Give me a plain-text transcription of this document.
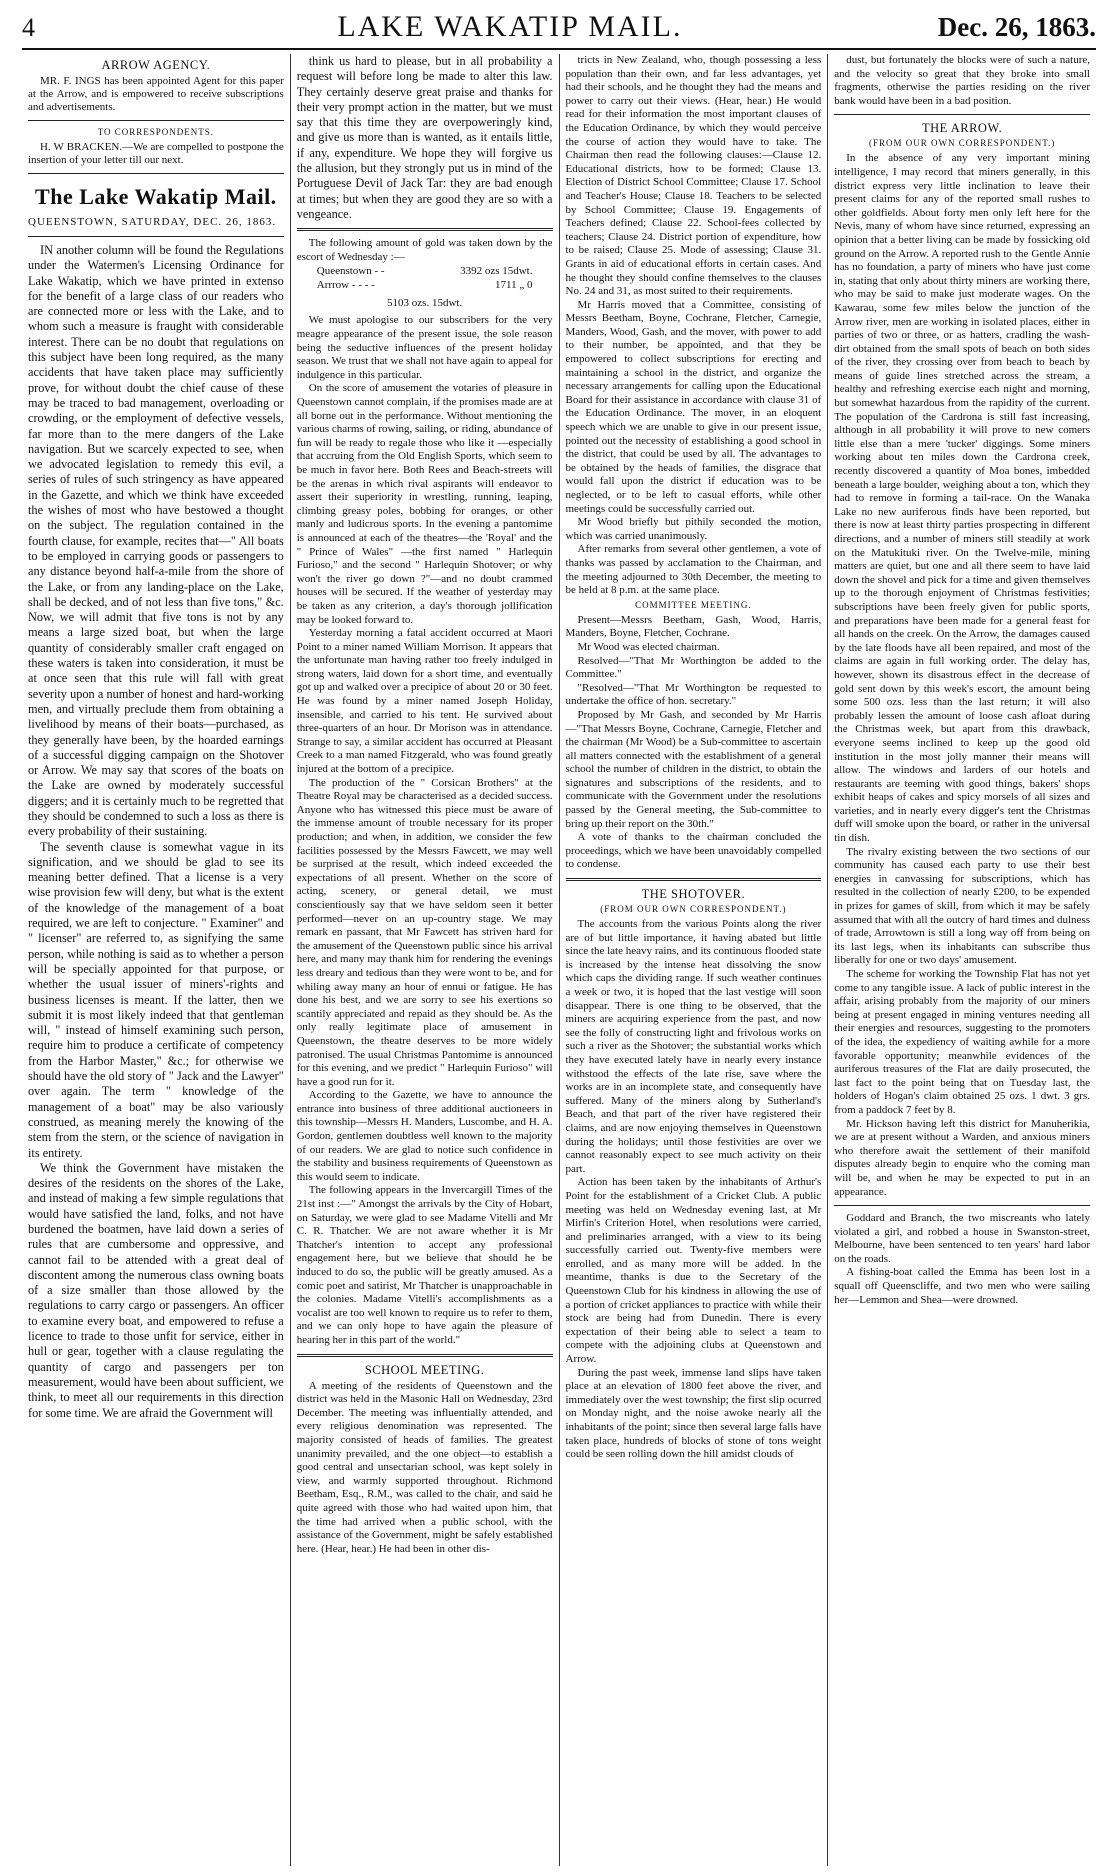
4	LAKE WAKATIP MAIL.	Dec. 26, 1863.
ARROW AGENCY.

MR. F. INGS has been appointed Agent for this paper at the Arrow, and is empowered to receive subscriptions and advertisements.

TO CORRESPONDENTS.

H. W BRACKEN.—We are compelled to postpone the insertion of your letter till our next.

The Lake Wakatip Mail.
QUEENSTOWN, SATURDAY, DEC. 26, 1863.

IN another column will be found the Regulations under the Watermen's Licensing Ordinance for Lake Wakatip, which we have printed in extenso for the benefit of a large class of our readers who are connected more or less with the Lake, and to whom such a measure is fraught with considerable interest. There can be no doubt that regulations on this subject have been long required, as the many accidents that have taken place may sufficiently prove, for without doubt the chief cause of these may be traced to bad management, overloading or crowding, or the employment of defective vessels, far more than to the mere dangers of the Lake navigation. But we scarcely expected to see, when we advocated legislation to remedy this evil, a series of rules of such stringency as have appeared in the Gazette, and which we think have exceeded the wishes of most who have bestowed a thought on the subject. The regulation contained in the fourth clause, for example, recites that—" All boats to be employed in carrying goods or passengers to any distance beyond half-a-mile from the shore of the Lake, or from any landing-place on the Lake, shall be decked, and of not less than five tons," &c. Now, we will admit that five tons is not by any means a large sized boat, but when the large quantity of considerably smaller craft engaged on these waters is taken into consideration, it must be at once seen that this rule will fall with great severity upon a number of honest and hard-working men, and virtually preclude them from obtaining a livelihood by means of their boats—purchased, as they generally have been, by the hoarded earnings of a successful digging campaign on the Shotover or Arrow. We may say that scores of the boats on the Lake are owned by moderately successful diggers; and it is certainly much to be regretted that they should be condemned to such a loss as there is every probability of their sustaining.

The seventh clause is somewhat vague in its signification, and we should be glad to see its meaning better defined. That a license is a very wise provision few will deny, but what is the extent of the knowledge of the management of a boat required, we are left to conjecture. " Examiner" and " licenser" are referred to, as signifying the same person, while nothing is said as to whether a person will be specially appointed for that purpose, or whether the usual issuer of miners'-rights and business licenses is meant. If the latter, then we submit it is most likely indeed that that gentleman will, " instead of himself examining such person, require him to produce a certificate of competency from the Harbor Master," &c.; for otherwise we should have the old story of " Jack and the Lawyer" over again. The term " knowledge of the management of a boat" may be also variously construed, as meaning merely the knowing of the stem from the stern, or the science of navigation in its entirety.

We think the Government have mistaken the desires of the residents on the shores of the Lake, and instead of making a few simple regulations that would have satisfied the land, folks, and not have burdened the boatmen, have laid down a series of rules that are cumbersome and oppressive, and cannot fail to be attended with a great deal of discontent among the numerous class owning boats of a size smaller than those allowed by the regulations to carry cargo or passengers. An officer to examine every boat, and empowered to refuse a licence to trade to those unfit for service, either in hull or gear, together with a clause regulating the quantity of cargo and passengers per ton measurement, would have been about sufficient, we think, to meet all our requirements in this direction for some time. We are afraid the Government will

think us hard to please, but in all probability a request will before long be made to alter this law. They certainly deserve great praise and thanks for their very prompt action in the matter, but we must say that this time they are overpoweringly kind, and give us more than is wanted, as it entails little, if any, expenditure. We hope they will forgive us the allusion, but they strongly put us in mind of the Portuguese Devil of Jack Tar: they are bad enough at times; but when they are good they are so with a vengeance.

The following amount of gold was taken down by the escort of Wednesday :—

Queenstown - -	3392 ozs 15dwt.
Arrrow - - - -	1711 „ 0
5103 ozs. 15dwt.

We must apologise to our subscribers for the very meagre appearance of the present issue, the sole reason being the seductive influences of the present holiday season. We trust that we shall not have again to appeal for indulgence in this particular.

On the score of amusement the votaries of pleasure in Queenstown cannot complain, if the promises made are at all borne out in the performance. Without mentioning the various charms of rowing, sailing, or riding, abundance of fun will be ready to regale those who like it —especially that accruing from the Old English Sports, which seem to be much in favor here. Both Rees and Beach-streets will be the arenas in which rival aspirants will endeavor to assert their superiority in wrestling, running, leaping, climbing greasy poles, bobbing for oranges, or other manly and ludicrous sports. In the evening a pantomime is announced at each of the theatres—the 'Royal' and the " Prince of Wales" —the first named " Harlequin Furioso," and the second " Harlequin Shotover; or why won't the river go down ?"—and no doubt crammed houses will be secured. If the weather of yesterday may be taken as any criterion, a day's thorough jollification may be looked forward to.

Yesterday morning a fatal accident occurred at Maori Point to a miner named William Morrison. It appears that the unfortunate man having rather too freely indulged in strong waters, laid down for a short time, and eventually got up and walked over a precipice of about 20 or 30 feet. He was found by a miner named Joseph Holiday, insensible, and carried to his tent. He survived about three-quarters of an hour. Dr Morison was in attendance. Strange to say, a similar accident has occurred at Pleasant Creek to a man named Fitzgerald, who was found greatly injured at the bottom of a precipice.

The production of the " Corsican Brothers" at the Theatre Royal may be characterised as a decided success. Anyone who has witnessed this piece must be aware of the immense amount of trouble necessary for its proper production; and when, in addition, we consider the few facilities possessed by the Messrs Fawcett, we may well be surprised at the result, which indeed exceeded the expectations of all present. Whether on the score of acting, scenery, or general detail, we must conscientiously say that we have seldom seen it better performed—never on an up-country stage. We may remark en passant, that Mr Fawcett has striven hard for the amusement of the Queenstown public since his arrival here, and many may thank him for rendering the evenings less dreary and tedious than they were wont to be, and for whiling away many an hour of ennui or fatigue. He has done his best, and we are sorry to see his exertions so scantily appreciated and repaid as they should be. As the only really legitimate place of amusement in Queenstown, the theatre deserves to be more widely patronised. The usual Christmas Pantomime is announced for this evening, and we predict " Harlequin Furioso" will have a good run for it.

According to the Gazette, we have to announce the entrance into business of three additional auctioneers in this township—Messrs H. Manders, Luscombe, and H. A. Gordon, gentlemen doubtless well known to the majority of our readers. We are glad to notice such confidence in the stability and business requirements of Queenstown as this would seem to indicate.

The following appears in the Invercargill Times of the 21st inst :—" Amongst the arrivals by the City of Hobart, on Saturday, we were glad to see Madame Vitelli and Mr C. R. Thatcher. We are not aware whether it is Mr Thatcher's intention to accept any professional engagement here, but we believe that should he be induced to do so, the public will be greatly amused. As a comic poet and satirist, Mr Thatcher is unapproachable in the colonies. Madame Vitelli's accomplishments as a vocalist are too well known to require us to refer to them, and we can only hope to have again the pleasure of hearing her in this part of the world."

SCHOOL MEETING.

A meeting of the residents of Queenstown and the district was held in the Masonic Hall on Wednesday, 23rd December. The meeting was influentially attended, and every religious denomination was represented. The majority consisted of heads of families. The greatest unanimity prevailed, and the one object—to establish a good central and unsectarian school, was kept solely in view, and warmly supported throughout. Richmond Beetham, Esq., R.M., was called to the chair, and said he quite agreed with those who had waited upon him, that the time had arrived when a public school, with the assistance of the Government, might be safely established here. (Hear, hear.) He had been in other dis-

tricts in New Zealand, who, though possessing a less population than their own, and far less advantages, yet had their schools, and he thought they had the means and power to carry out their views. (Hear, hear.) He would read for their information the most important clauses of the Education Ordinance, by which they would perceive the course of action they would have to take. The Chairman then read the following clauses:—Clause 12. Educational districts, how to be formed; Clause 13. Election of District School Committee; Clause 17. School and Teacher's House; Clause 18. Teachers to be selected by School Committee; Clause 19. Engagements of Teachers defined; Clause 22. School-fees collected by teachers; Clause 24. District portion of expenditure, how to be raised; Clause 25. Mode of assessing; Clause 31. Grants in aid of educational efforts in certain cases. And he thought they should confine themselves to the clauses No. 24 and 31, as most suited to their requirements.

Mr Harris moved that a Committee, consisting of Messrs Beetham, Boyne, Cochrane, Fletcher, Carnegie, Manders, Wood, Gash, and the mover, with power to add to their number, be appointed, and that they be empowered to collect subscriptions for erecting and maintaining a school in the district, and organize the necessary arrangements for calling upon the Educational Board for their assistance in accordance with clause 31 of the Education Ordinance. The mover, in an eloquent speech which we are unable to give in our present issue, pointed out the necessity of establishing a good school in the district, that could be used by all. The advantages to be obtained by the heads of families, the disgrace that would fall upon the district if education was to be neglected, or to be left to casual efforts, while other meetings could be successfully carried out.

Mr Wood briefly but pithily seconded the motion, which was carried unanimously.

After remarks from several other gentlemen, a vote of thanks was passed by acclamation to the Chairman, and the meeting adjourned to 30th December, the meeting to be held at 8 p.m. at the same place.

COMMITTEE MEETING.

Present—Messrs Beetham, Gash, Wood, Harris, Manders, Boyne, Fletcher, Cochrane.

Mr Wood was elected chairman.

Resolved—"That Mr Worthington be added to the Committee."

"Resolved—"That Mr Worthington be requested to undertake the office of hon. secretary."

Proposed by Mr Gash, and seconded by Mr Harris—"That Messrs Boyne, Cochrane, Carnegie, Fletcher and the chairman (Mr Wood) be a Sub-committee to ascertain all matters connected with the establishment of a general school the number of children in the district, to obtain the signatures and subscriptions of the residents, and to communicate with the Government under the resolutions passed by the General meeting, the Sub-committee to bring up their report on the 30th."

A vote of thanks to the chairman concluded the proceedings, which we have been unavoidably compelled to condense.

THE SHOTOVER.
(FROM OUR OWN CORRESPONDENT.)

The accounts from the various Points along the river are of but little importance, it having abated but little since the late heavy rains, and its continuous flooded state is increased by the intense heat dissolving the snow which caps the dividing range. If such weather continues a week or two, it is hoped that the last vestige will soon disappear. There is one thing to be observed, that the miners are acquiring experience from the past, and now see the folly of constructing light and frivolous works on such a river as the Shotover; the substantial works which they have executed lately have in nearly every instance withstood the effects of the late rise, save where the works are in an incomplete state, and consequently have suffered. Many of the miners along by Sutherland's Beach, and that part of the river have registered their claims, and are now enjoying themselves in Queenstown during the holidays; until those festivities are over we cannot reasonably expect to see much activity on their part.

Action has been taken by the inhabitants of Arthur's Point for the establishment of a Cricket Club. A public meeting was held on Wednesday evening last, at Mr Mirfin's Criterion Hotel, when resolutions were carried, and preliminaries arranged, with a view to its being successfully carried out. Twenty-five members were enrolled, and as many more will be added. In the meantime, thanks is due to the Secretary of the Queenstown Club for his kindness in allowing the use of a portion of cricket appliances to practice with while their stock are being had from Dunedin. There is every expectation of their being able to select a team to compete with the adjoining clubs at Queenstown and Arrow.

During the past week, immense land slips have taken place at an elevation of 1800 feet above the river, and immediately over the west township; the first slip ocurred on Monday night, and the noise awoke nearly all the inhabitants of the point; since then several large falls have taken place, hundreds of blocks of stone of tons weight could be seen rolling down the hill amidst clouds of

dust, but fortunately the blocks were of such a nature, and the velocity so great that they broke into small fragments, otherwise the parties residing on the river bank would have been in a bad position.

THE ARROW.
(FROM OUR OWN CORRESPONDENT.)

In the absence of any very important mining intelligence, I may record that miners generally, in this district express very little inclination to leave their present claims for any of the reported small rushes to other goldfields. About forty men only left here for the Nevis, many of whom have since returned, expressing an opinion that a better living can be made by fossicking old ground on the Arrow. A reported rush to the Gentle Annie has no foundation, a party of miners who have just come in, stating that only about thirty miners are working there, who may be said to make just moderate wages. On the Kawarau, some few miles below the junction of the Arrow river, men are working in isolated places, either in parties of two or three, or as hatters, cradling the wash-dirt obtained from the small spots of beach on both sides of the river, they crossing over from beach to beach by means of guide lines stretched across the stream, a healthy and refreshing exercise each night and morning, but somewhat hazardous from the rapidity of the current. The population of the Cardrona is still fast increasing, although in all probability it will prove to new comers little else than a mere 'tucker' diggings. Some miners working about ten miles down the Cardrona creek, recently discovered a quantity of Moa bones, imbedded beneath a large boulder, weighing about a ton, which they had to remove in forming a tail-race. On the Wanaka Lake no new auriferous finds have been reported, but there is now at least thirty parties prospecting in different directions, and a number of miners still steadily at work on the Matukituki river. On the Twelve-mile, mining matters are quiet, but one and all there seem to have laid down the shovel and pick for a time and given themselves up to the thorough enjoyment of Christmas festivities; subscriptions have been freely given for public sports, and preparations have been made for a general feast for all hands on the creek. On the Arrow, the damages caused by the late floods have all been repaired, and most of the claims are again in full working order. The delay has, however, shown its disastrous effect in the decrease of gold sent down by this week's escort, the amount being some 500 ozs. less than the last return; it will also probably lessen the amount of loose cash afloat during the Christmas week, but apart from this drawback, everyone seems inclined to keep up the good old institution in the most jolly manner their means will allow. The windows and larders of our hotels and restaurants are teeming with good things, bakers' shops exhibit heaps of cakes and spicy morsels of all sizes and varieties, and in nearly every digger's tent the Christmas duff will smoke upon the board, or rather in the universal tin dish.

The rivalry existing between the two sections of our community has caused each party to use their best energies in canvassing for subscriptions, which has resulted in the collection of nearly £200, to be expended in prizes for games of skill, from which it may be safely assumed that with all the outcry of hard times and dulness of trade, Arrowtown is still a long way off from being on its last legs, when its inhabitants can subscribe thus liberally for one or two days' amusement.

The scheme for working the Township Flat has not yet come to any tangible issue. A lack of public interest in the affair, arising probably from the majority of our miners being at present engaged in mining ventures needing all their energies and resources, suggesting to the promoters of the idea, the expediency of waiting awhile for a more favorable opportunity; meanwhile evidences of the auriferous treasures of the Flat are daily prosecuted, the last fact to the point being that on Tuesday last, the holders of Hogan's claim obtained 25 ozs. 1 dwt. 3 grs. from a paddock 7 feet by 8.

Mr. Hickson having left this district for Manuherikia, we are at present without a Warden, and anxious miners who therefore await the settlement of their manifold disputes already begin to enquire who the coming man will be, and when he may be expected to put in an appearance.

Goddard and Branch, the two miscreants who lately violated a girl, and robbed a house in Swanston-street, Melbourne, have been sentenced to ten years' hard labor on the roads.

A fishing-boat called the Emma has been lost in a squall off Queenscliffe, and two men who were sailing her—Lemmon and Shea—were drowned.
